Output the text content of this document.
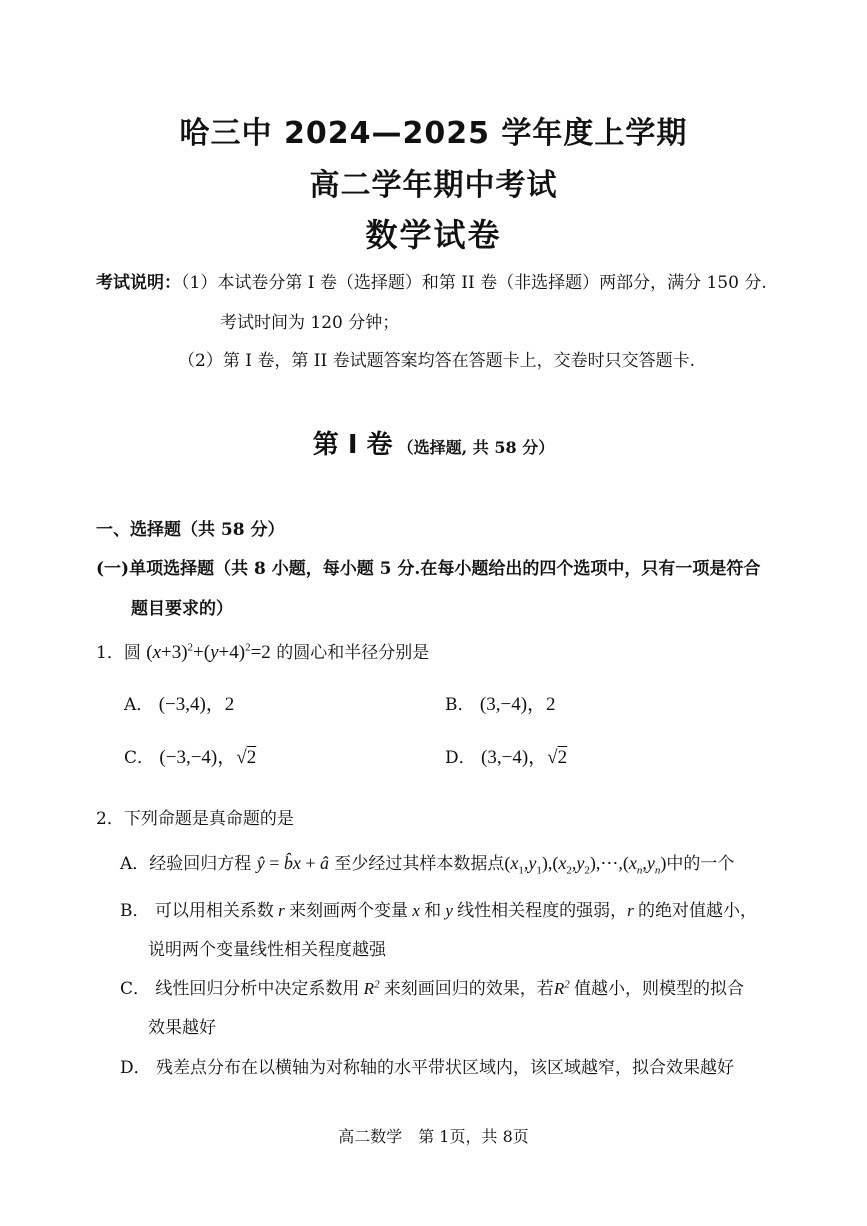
哈三中 2024—2025 学年度上学期
高二学年期中考试
数学试卷
考试说明：（1）本试卷分第 I 卷（选择题）和第 II 卷（非选择题）两部分，满分 150 分.
考试时间为 120 分钟；
（2）第 I 卷，第 II 卷试题答案均答在答题卡上，交卷时只交答题卡.
第 I 卷 （选择题, 共 58 分）
一、选择题（共 58 分）
(一)单项选择题（共 8 小题，每小题 5 分.在每小题给出的四个选项中，只有一项是符合
题目要求的）
1．圆 $(x+3)^2+(y+4)^2=2$ 的圆心和半径分别是
A． (−3,4)，2	B． (3,−4)，2
C． (−3,−4)，√2	D． (3,−4)，√2
2．下列命题是真命题的是
A．经验回归方程 ŷ = b̂x + â 至少经过其样本数据点$(x_1,y_1),(x_2,y_2),\cdots,(x_n,y_n)$中的一个
B． 可以用相关系数 r 来刻画两个变量 x 和 y 线性相关程度的强弱，r 的绝对值越小，
说明两个变量线性相关程度越强
C． 线性回归分析中决定系数用 $R^2$ 来刻画回归的效果，若$R^2$ 值越小，则模型的拟合
效果越好
D． 残差点分布在以横轴为对称轴的水平带状区域内，该区域越窄，拟合效果越好
高二数学　第 1页，共 8页
